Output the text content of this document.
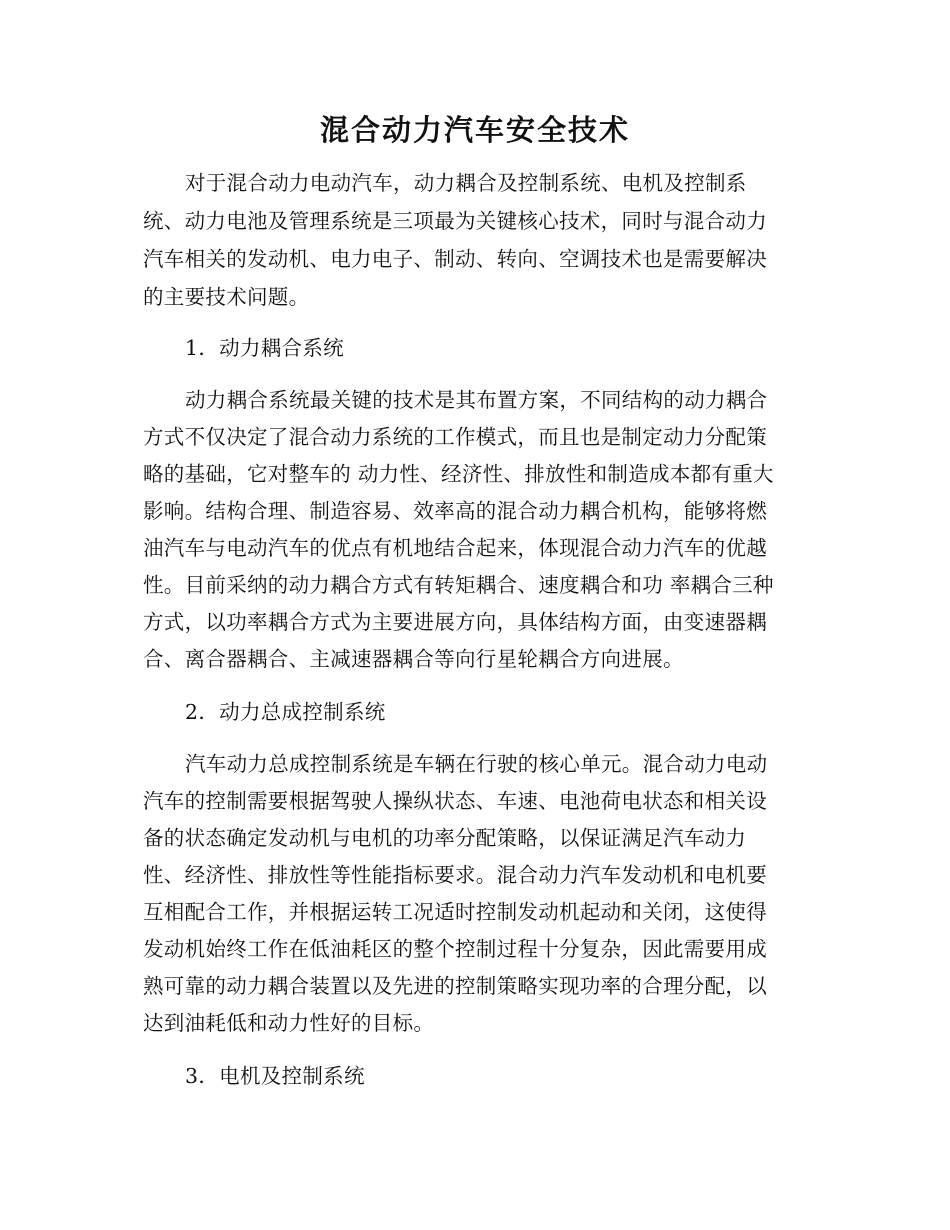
混合动力汽车安全技术
对于混合动力电动汽车，动力耦合及控制系统、电机及控制系
统、动力电池及管理系统是三项最为关键核心技术，同时与混合动力
汽车相关的发动机、电力电子、制动、转向、空调技术也是需要解决
的主要技术问题。
1．动力耦合系统
动力耦合系统最关键的技术是其布置方案，不同结构的动力耦合
方式不仅决定了混合动力系统的工作模式，而且也是制定动力分配策
略的基础，它对整车的 动力性、经济性、排放性和制造成本都有重大
影响。结构合理、制造容易、效率高的混合动力耦合机构，能够将燃
油汽车与电动汽车的优点有机地结合起来，体现混合动力汽车的优越
性。目前采纳的动力耦合方式有转矩耦合、速度耦合和功 率耦合三种
方式，以功率耦合方式为主要进展方向，具体结构方面，由变速器耦
合、离合器耦合、主减速器耦合等向行星轮耦合方向进展。
2．动力总成控制系统
汽车动力总成控制系统是车辆在行驶的核心单元。混合动力电动
汽车的控制需要根据驾驶人操纵状态、车速、电池荷电状态和相关设
备的状态确定发动机与电机的功率分配策略，以保证满足汽车动力
性、经济性、排放性等性能指标要求。混合动力汽车发动机和电机要
互相配合工作，并根据运转工况适时控制发动机起动和关闭，这使得
发动机始终工作在低油耗区的整个控制过程十分复杂，因此需要用成
熟可靠的动力耦合装置以及先进的控制策略实现功率的合理分配，以
达到油耗低和动力性好的目标。
3．电机及控制系统
